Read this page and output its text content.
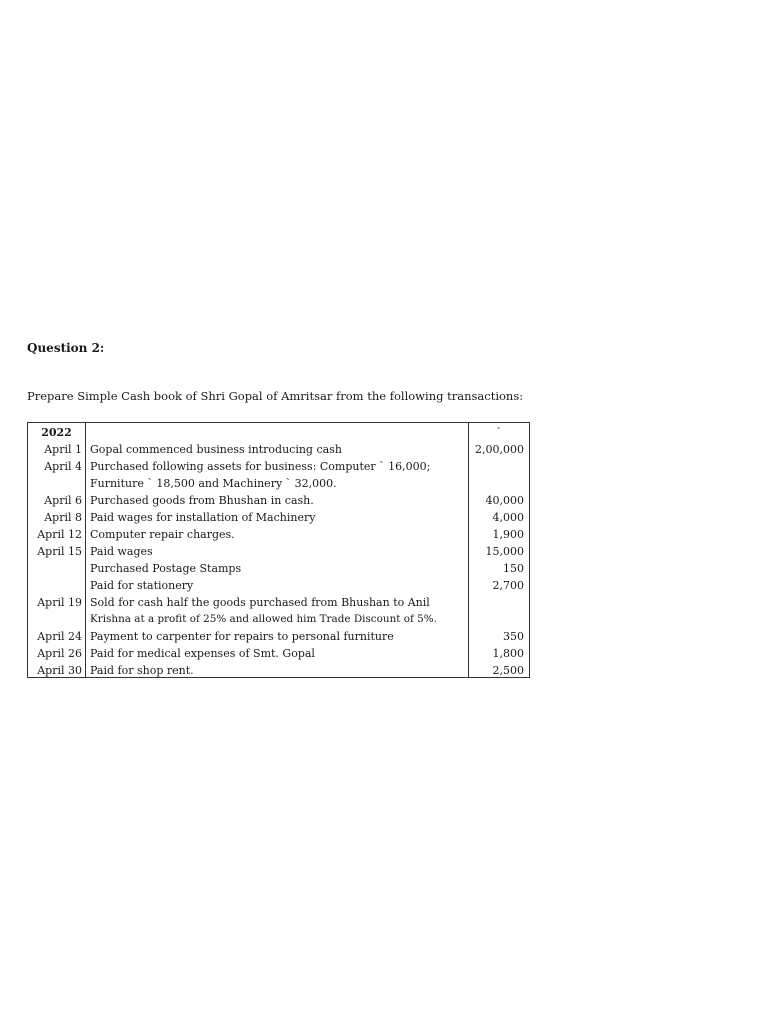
Question 2:
Prepare Simple Cash book of Shri Gopal of Amritsar from the following transactions:
2022	`
April 1 Gopal commenced business introducing cash	2,00,000
April 4 Purchased following assets for business: Computer ` 16,000;
Furniture ` 18,500 and Machinery ` 32,000.
April 6 Purchased goods from Bhushan in cash.	40,000
April 8 Paid wages for installation of Machinery	4,000
April 12 Computer repair charges.	1,900
April 15 Paid wages	15,000
Purchased Postage Stamps	150
Paid for stationery	2,700
April 19 Sold for cash half the goods purchased from Bhushan to Anil
Krishna at a profit of 25% and allowed him Trade Discount of 5%.
April 24 Payment to carpenter for repairs to personal furniture	350
April 26 Paid for medical expenses of Smt. Gopal	1,800
April 30 Paid for shop rent.	2,500
